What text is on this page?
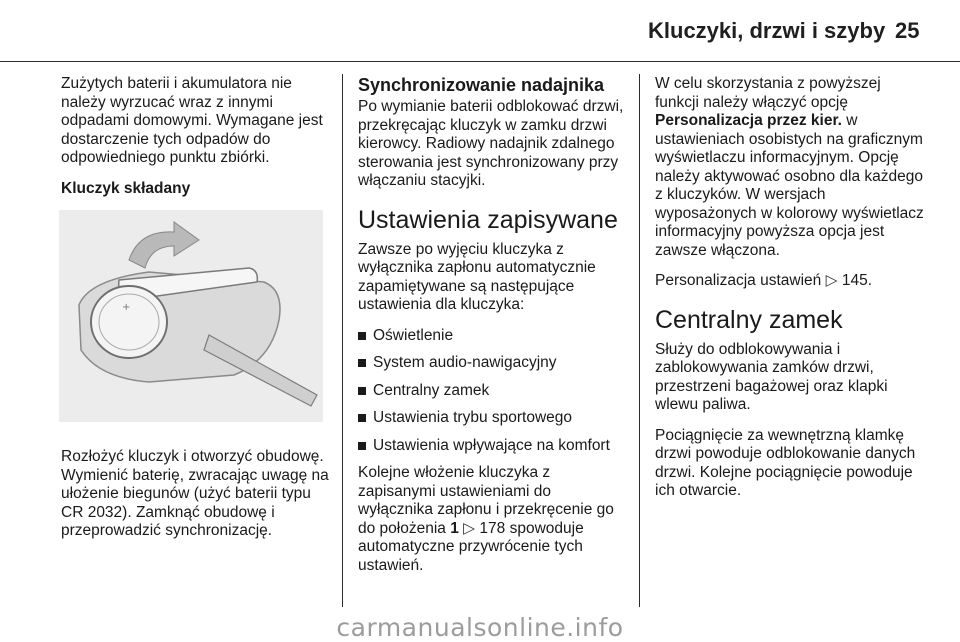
Kluczyki, drzwi i szyby 25

Zużytych baterii i akumulatora nie należy wyrzucać wraz z innymi odpadami domowymi. Wymagane jest dostarczenie tych odpadów do odpowiedniego punktu zbiórki.

Kluczyk składany
+

Rozłożyć kluczyk i otworzyć obudowę. Wymienić baterię, zwracając uwagę na ułożenie biegunów (użyć baterii typu
CR 2032). Zamknąć obudowę i przeprowadzić synchronizację.

Synchronizowanie nadajnika

Po wymianie baterii odblokować drzwi, przekręcając kluczyk w zamku drzwi kierowcy. Radiowy nadajnik zdalnego sterowania jest synchronizowany przy włączaniu stacyjki.

Ustawienia zapisywane

Zawsze po wyjęciu kluczyka z wyłącznika zapłonu automatycznie zapamiętywane są następujące ustawienia dla kluczyka:

Oświetlenie
System audio-nawigacyjny
Centralny zamek
Ustawienia trybu sportowego
Ustawienia wpływające na komfort

Kolejne włożenie kluczyka z zapisanymi ustawieniami do wyłącznika zapłonu i przekręcenie go do położenia 1 ▷ 178 spowoduje automatyczne przywrócenie tych ustawień.

W celu skorzystania z powyższej funkcji należy włączyć opcję Personalizacja przez kier. w ustawieniach osobistych na graficznym wyświetlaczu informacyjnym. Opcję należy aktywować osobno dla każdego z kluczyków. W wersjach wyposażonych w kolorowy wyświetlacz informacyjny powyższa opcja jest zawsze włączona.

Personalizacja ustawień ▷ 145.

Centralny zamek

Służy do odblokowywania i zablokowywania zamków drzwi, przestrzeni bagażowej oraz klapki wlewu paliwa.

Pociągnięcie za wewnętrzną klamkę drzwi powoduje odblokowanie danych drzwi. Kolejne pociągnięcie powoduje ich otwarcie.

carmanualsonline.info
